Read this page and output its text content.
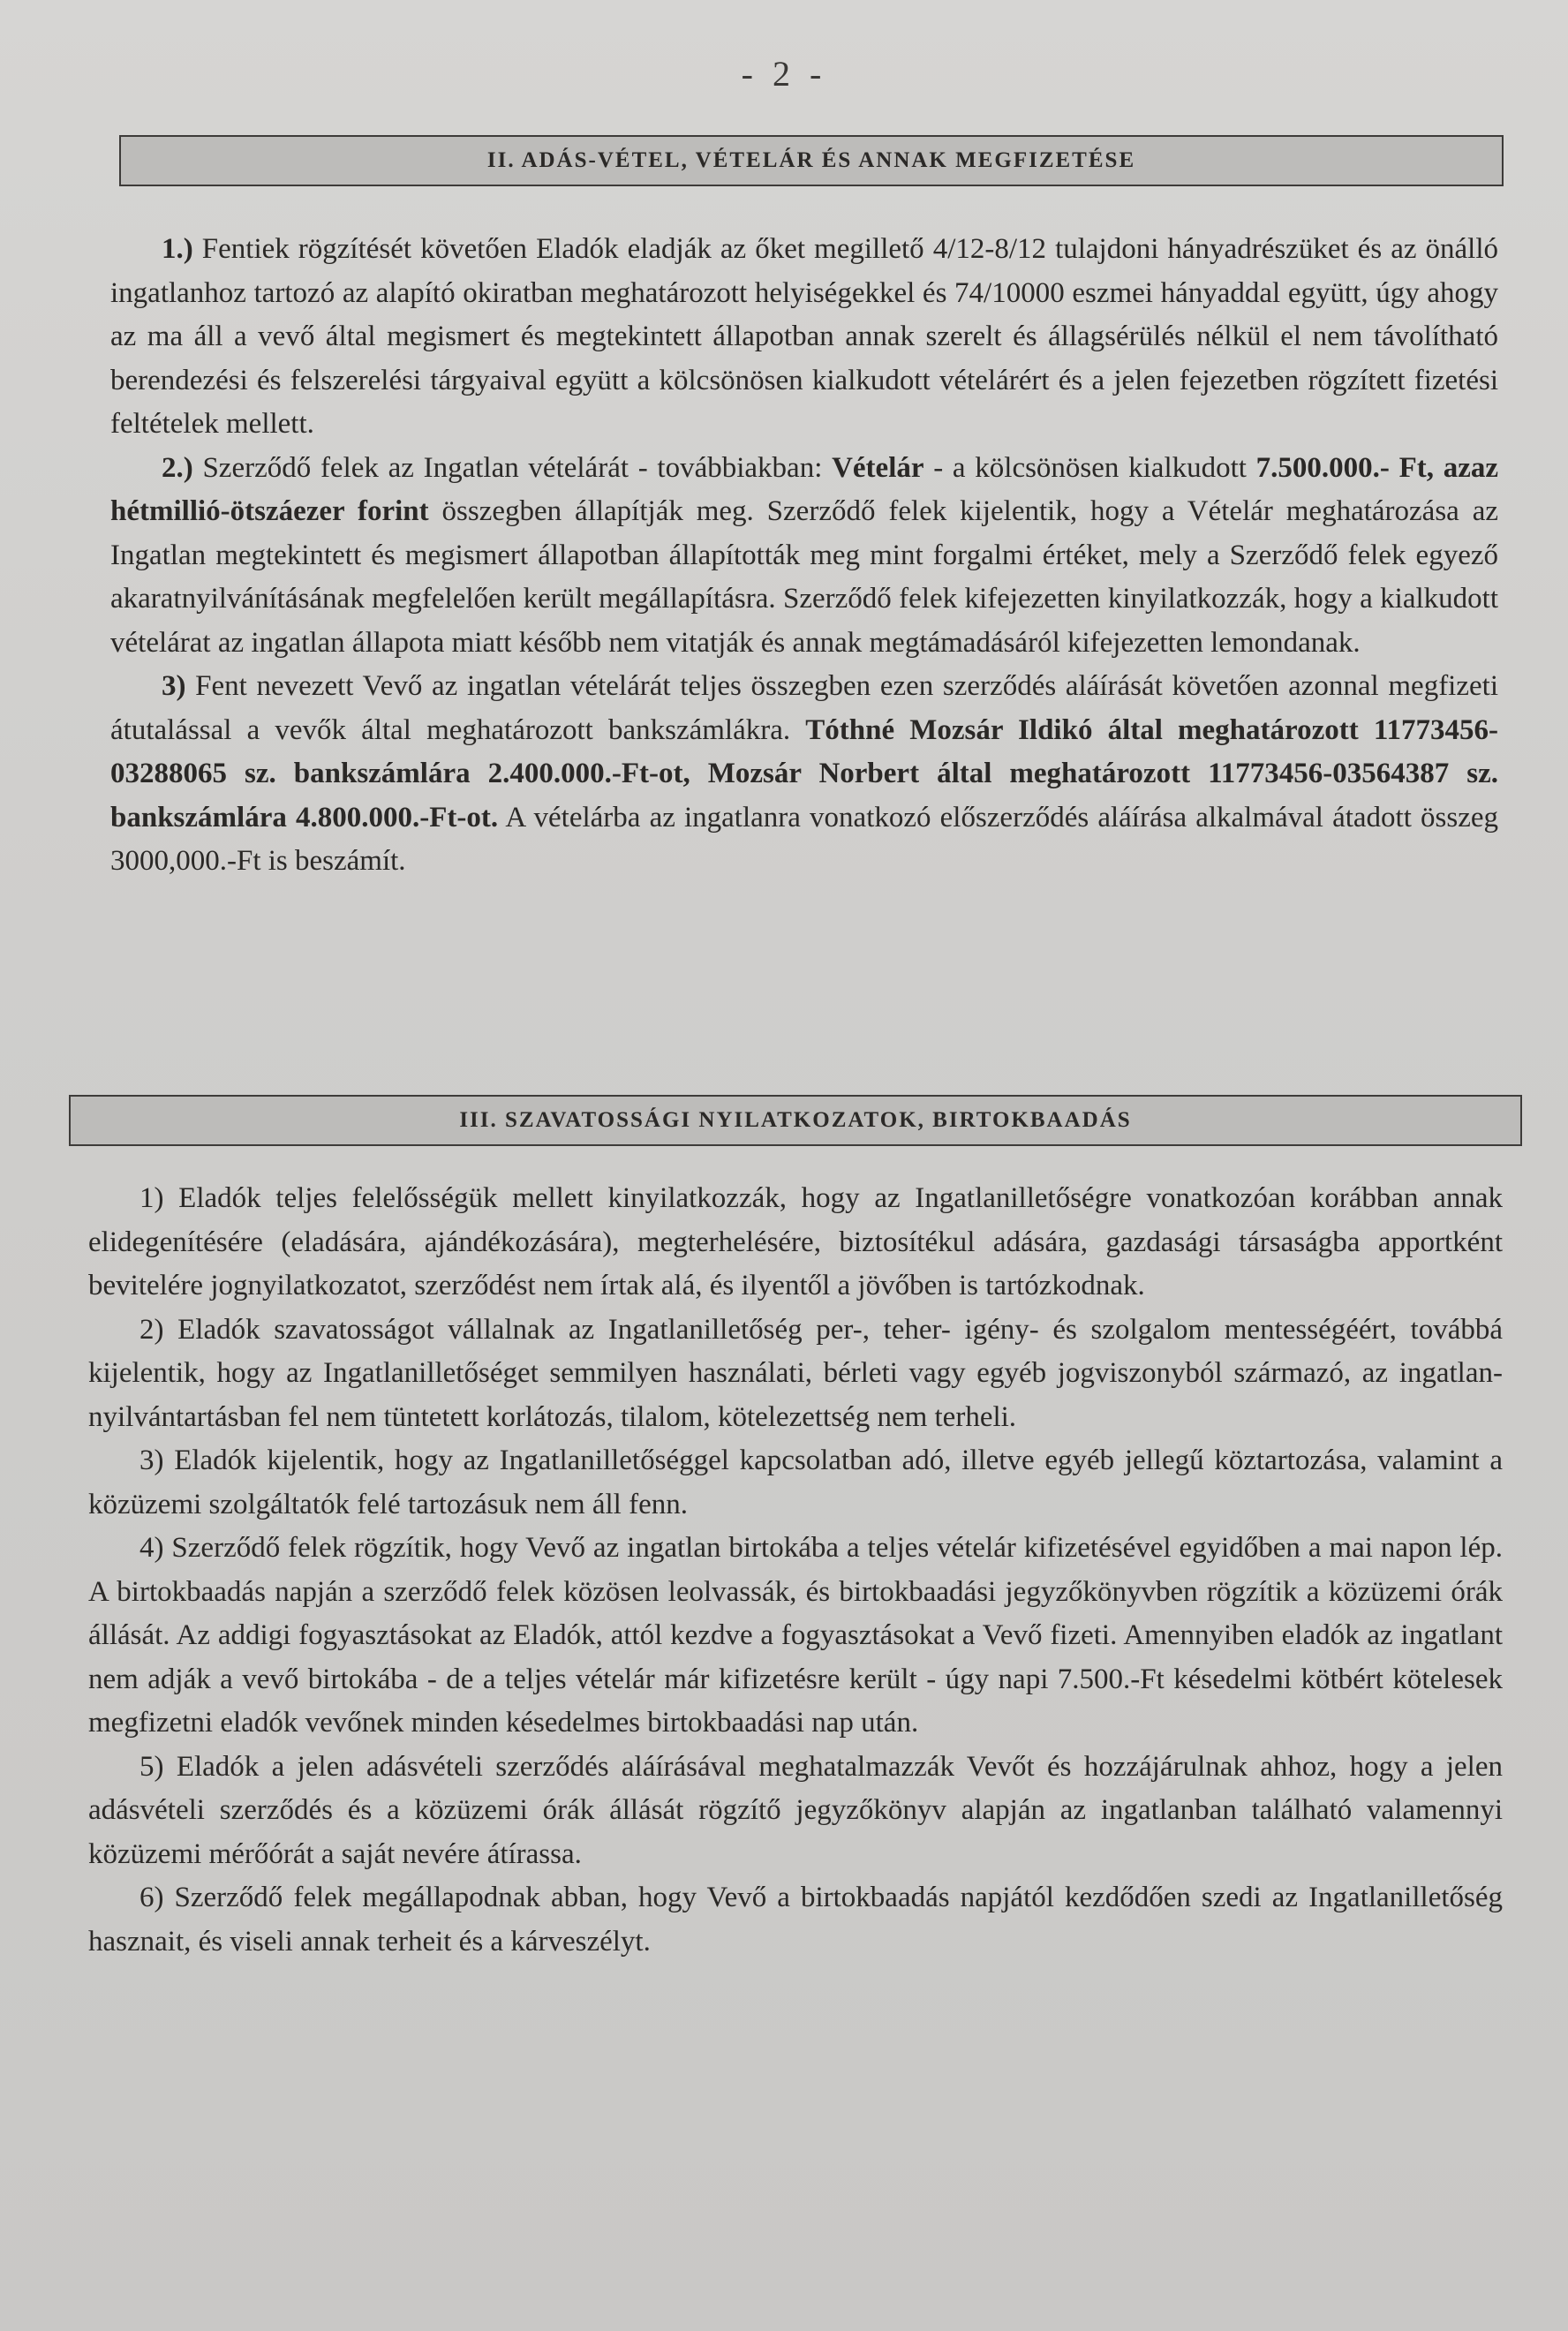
- 2 -
II. ADÁS-VÉTEL, VÉTELÁR ÉS ANNAK MEGFIZETÉSE

1.) Fentiek rögzítését követően Eladók eladják az őket megillető 4/12-8/12 tulajdoni hányadrészüket és az önálló ingatlanhoz tartozó az alapító okiratban meghatározott helyiségekkel és 74/10000 eszmei hányaddal együtt, úgy ahogy az ma áll a vevő által megismert és megtekintett állapotban annak szerelt és állagsérülés nélkül el nem távolítható berendezési és felszerelési tárgyaival együtt a kölcsönösen kialkudott vételárért és a jelen fejezetben rögzített fizetési feltételek mellett.

2.) Szerződő felek az Ingatlan vételárát - továbbiakban: Vételár - a kölcsönösen kialkudott 7.500.000.- Ft, azaz hétmillió-ötszáezer forint összegben állapítják meg. Szerződő felek kijelentik, hogy a Vételár meghatározása az Ingatlan megtekintett és megismert állapotban állapították meg mint forgalmi értéket, mely a Szerződő felek egyező akaratnyilvánításának megfelelően került megállapításra. Szerződő felek kifejezetten kinyilatkozzák, hogy a kialkudott vételárat az ingatlan állapota miatt később nem vitatják és annak megtámadásáról kifejezetten lemondanak.

3) Fent nevezett Vevő az ingatlan vételárát teljes összegben ezen szerződés aláírását követően azonnal megfizeti átutalással a vevők által meghatározott bankszámlákra. Tóthné Mozsár Ildikó által meghatározott 11773456-03288065 sz. bankszámlára 2.400.000.-Ft-ot, Mozsár Norbert által meghatározott 11773456-03564387 sz. bankszámlára 4.800.000.-Ft-ot. A vételárba az ingatlanra vonatkozó előszerződés aláírása alkalmával átadott összeg 3000,000.-Ft is beszámít.

III. SZAVATOSSÁGI NYILATKOZATOK, BIRTOKBAADÁS

1) Eladók teljes felelősségük mellett kinyilatkozzák, hogy az Ingatlanilletőségre vonatkozóan korábban annak elidegenítésére (eladására, ajándékozására), megterhelésére, biztosítékul adására, gazdasági társaságba apportként bevitelére jognyilatkozatot, szerződést nem írtak alá, és ilyentől a jövőben is tartózkodnak.

2) Eladók szavatosságot vállalnak az Ingatlanilletőség per-, teher- igény- és szolgalom mentességéért, továbbá kijelentik, hogy az Ingatlanilletőséget semmilyen használati, bérleti vagy egyéb jogviszonyból származó, az ingatlan-nyilvántartásban fel nem tüntetett korlátozás, tilalom, kötelezettség nem terheli.

3) Eladók kijelentik, hogy az Ingatlanilletőséggel kapcsolatban adó, illetve egyéb jellegű köztartozása, valamint a közüzemi szolgáltatók felé tartozásuk nem áll fenn.

4) Szerződő felek rögzítik, hogy Vevő az ingatlan birtokába a teljes vételár kifizetésével egyidőben a mai napon lép. A birtokbaadás napján a szerződő felek közösen leolvassák, és birtokbaadási jegyzőkönyvben rögzítik a közüzemi órák állását. Az addigi fogyasztásokat az Eladók, attól kezdve a fogyasztásokat a Vevő fizeti. Amennyiben eladók az ingatlant nem adják a vevő birtokába - de a teljes vételár már kifizetésre került - úgy napi 7.500.-Ft késedelmi kötbért kötelesek megfizetni eladók vevőnek minden késedelmes birtokbaadási nap után.

5) Eladók a jelen adásvételi szerződés aláírásával meghatalmazzák Vevőt és hozzájárulnak ahhoz, hogy a jelen adásvételi szerződés és a közüzemi órák állását rögzítő jegyzőkönyv alapján az ingatlanban található valamennyi közüzemi mérőórát a saját nevére átírassa.

6) Szerződő felek megállapodnak abban, hogy Vevő a birtokbaadás napjától kezdődően szedi az Ingatlanilletőség hasznait, és viseli annak terheit és a kárveszélyt.
